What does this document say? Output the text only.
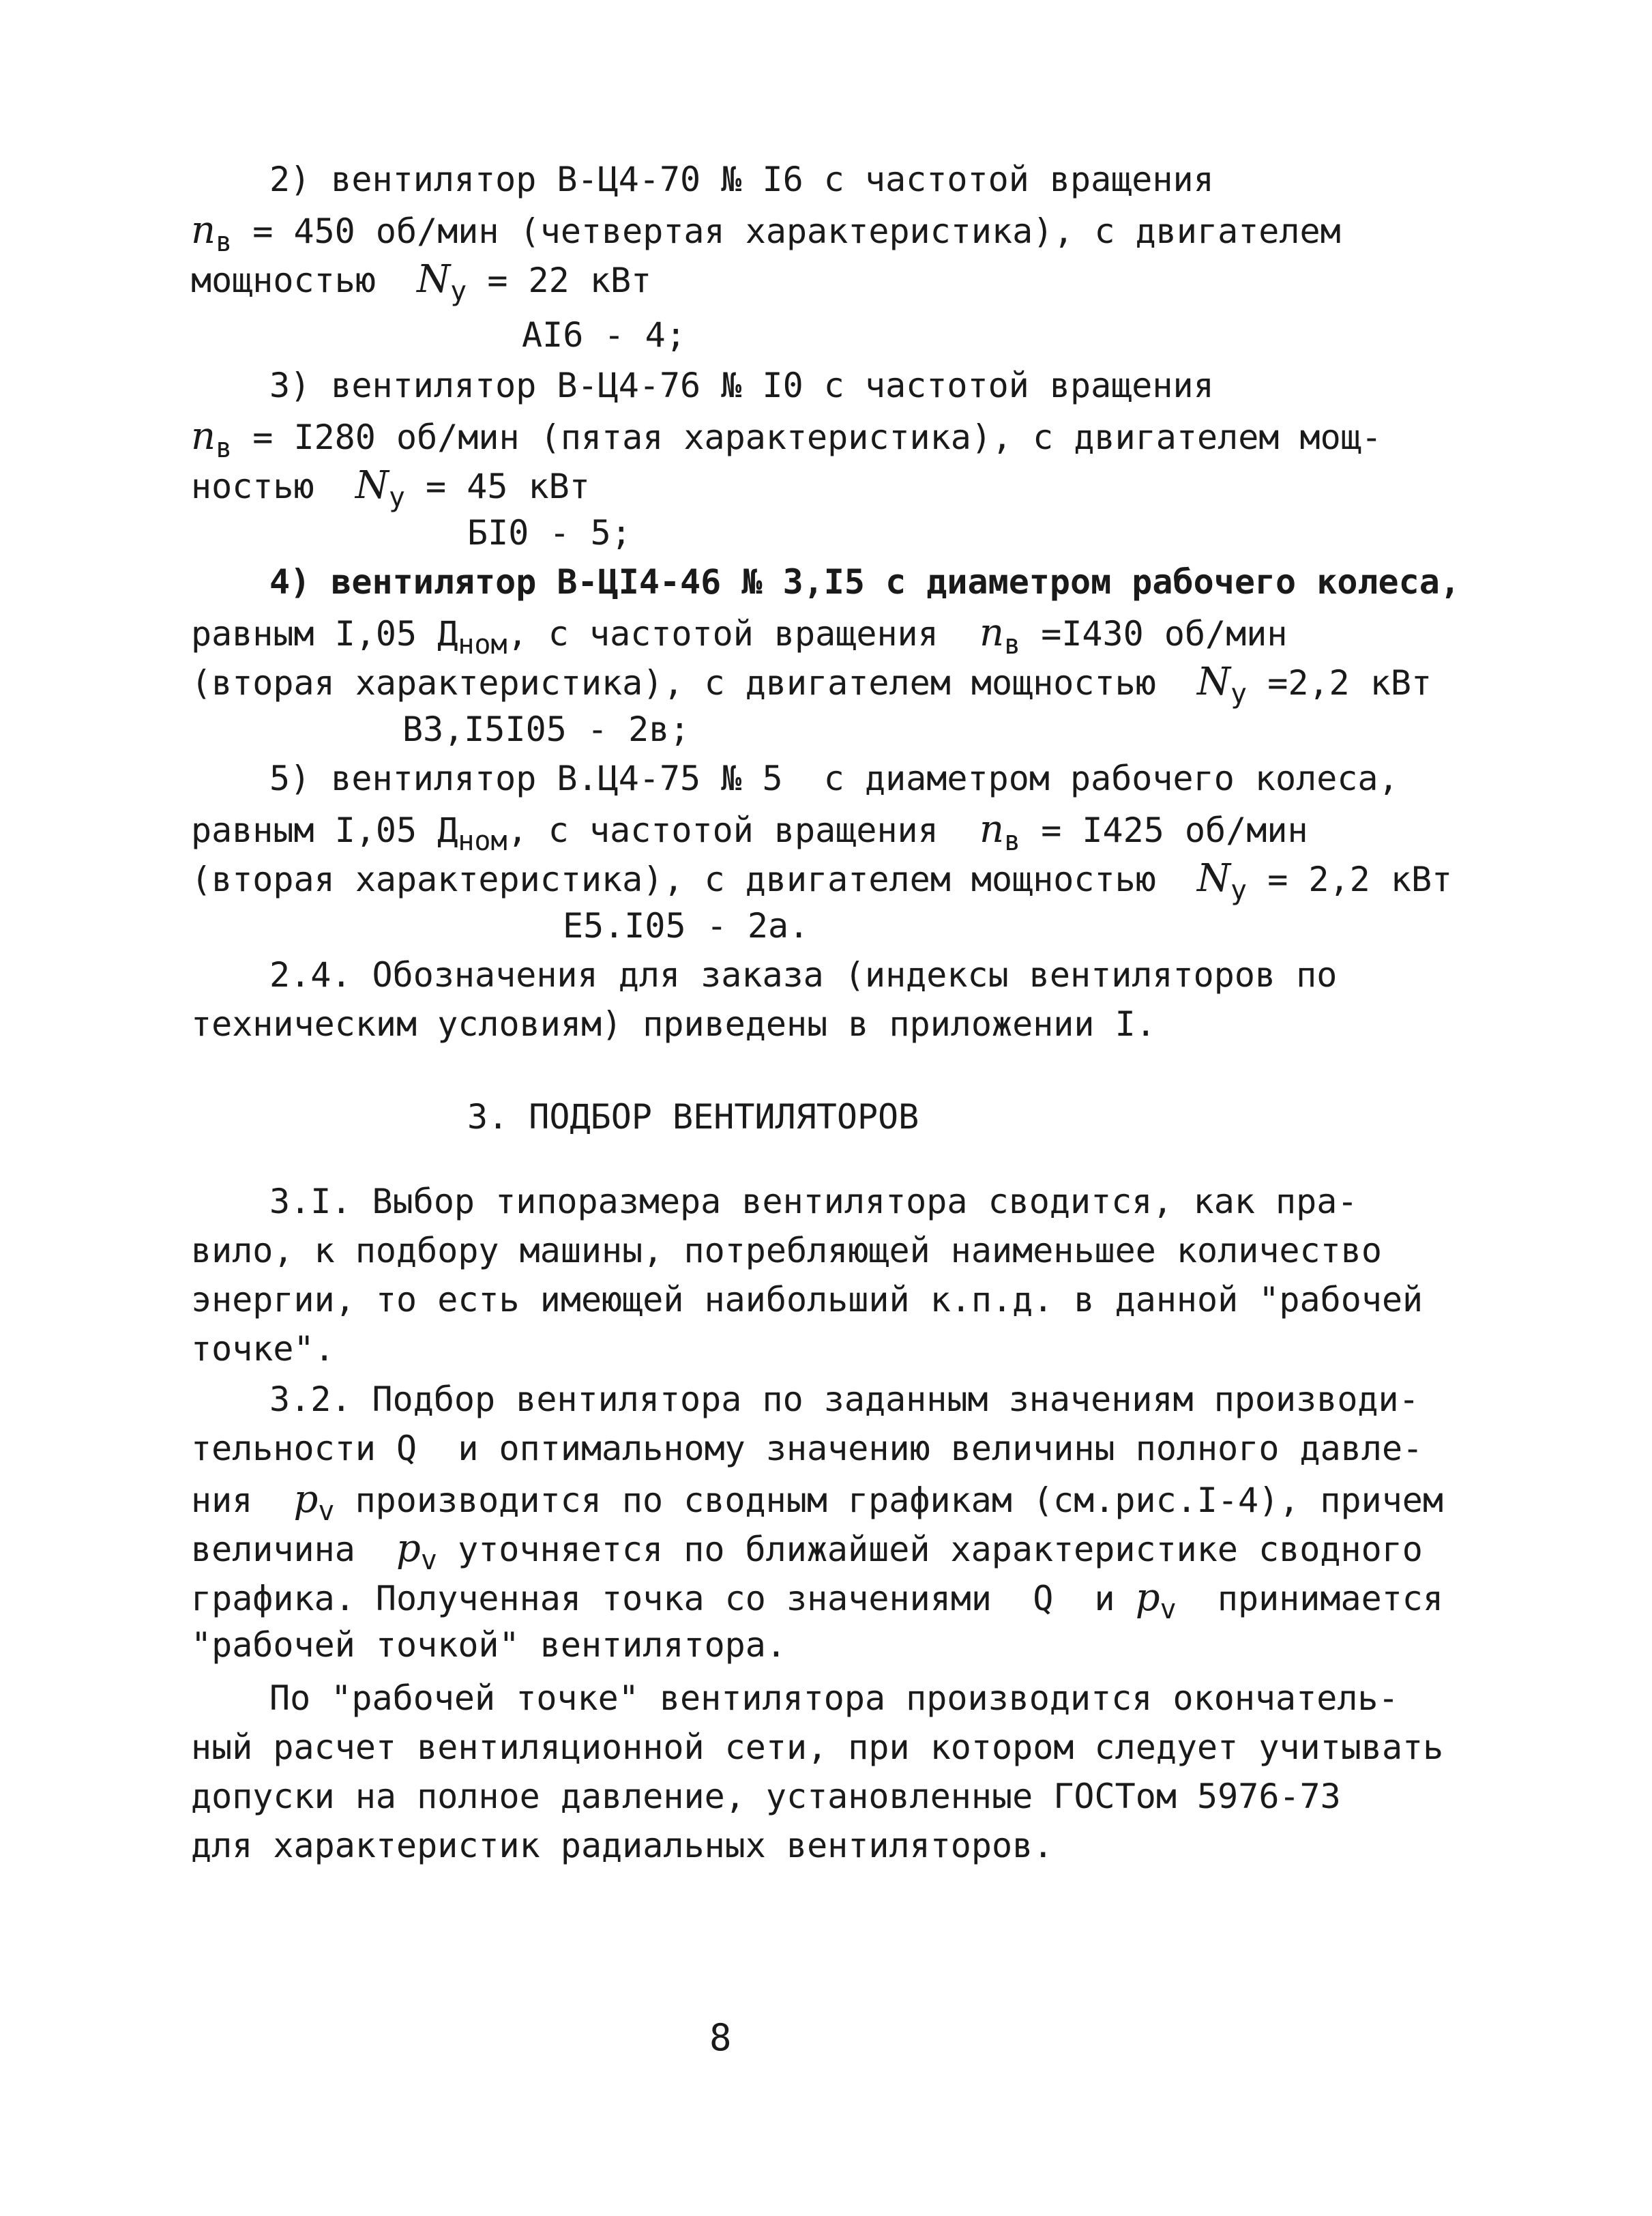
2) вентилятор В-Ц4-70 № І6 с частотой вращения
$n_в = 450$ об/мин (четвертая характеристика), с двигателем
мощностью  $N_у = 22$ кВт
АІ6 - 4;
3) вентилятор В-Ц4-76 № І0 с частотой вращения
$n_в = І280$ об/мин (пятая характеристика), с двигателем мощ-
ностью  $N_у = 45$ кВт
БІ0 - 5;
4) вентилятор В-ЦІ4-46 № 3,І5 с диаметром рабочего колеса,
равным І,05 $Д_{ном}$, с частотой вращения  $n_в =І430$ об/мин
(вторая характеристика), с двигателем мощностью  $N_у =2,2$ кВт
В3,І5І05 - 2в;
5) вентилятор В.Ц4-75 № 5  с диаметром рабочего колеса,
равным І,05 $Д_{ном}$, с частотой вращения  $n_в = І425$ об/мин
(вторая характеристика), с двигателем мощностью  $N_у = 2,2$ кВт
Е5.І05 - 2а.
2.4. Обозначения для заказа (индексы вентиляторов по
техническим условиям) приведены в приложении І.
3. ПОДБОР ВЕНТИЛЯТОРОВ
3.І. Выбор типоразмера вентилятора сводится, как пра-
вило, к подбору машины, потребляющей наименьшее количество
энергии, то есть имеющей наибольший к.п.д. в данной "рабочей
точке".
3.2. Подбор вентилятора по заданным значениям производи-
тельности Q  и оптимальному значению величины полного давле-
ния  $p_v$ производится по сводным графикам (см.рис.І-4), причем
величина  $p_v$ уточняется по ближайшей характеристике сводного
графика. Полученная точка со значениями  Q  и $p_v$  принимается
"рабочей точкой" вентилятора.
По "рабочей точке" вентилятора производится окончатель-
ный расчет вентиляционной сети, при котором следует учитывать
допуски на полное давление, установленные ГОСТом 5976-73
для характеристик радиальных вентиляторов.
8
